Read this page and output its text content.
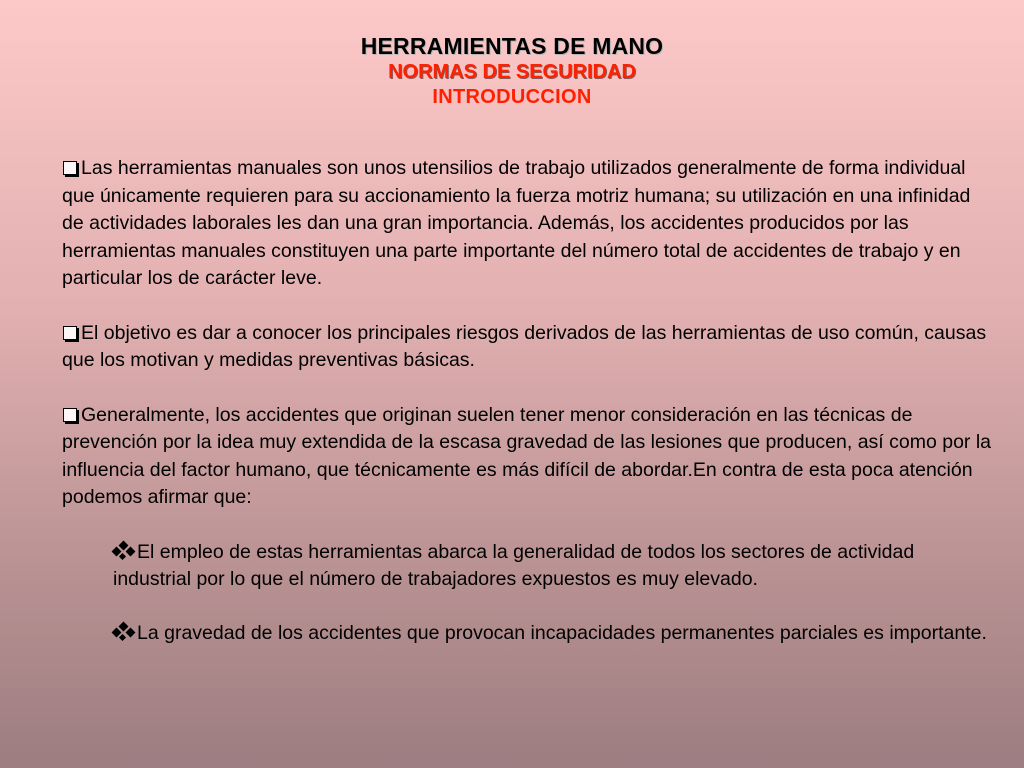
HERRAMIENTAS DE MANO
NORMAS DE SEGURIDAD
INTRODUCCION

Las herramientas manuales son unos utensilios de trabajo utilizados generalmente de forma individual que únicamente requieren para su accionamiento la fuerza motriz humana; su utilización en una infinidad de actividades laborales les dan una gran importancia. Además, los accidentes producidos por las herramientas manuales constituyen una parte importante del número total de accidentes de trabajo y en particular los de carácter leve.

El objetivo es dar a conocer los principales riesgos derivados de las herramientas de uso común, causas que los motivan y medidas preventivas básicas.

Generalmente, los accidentes que originan suelen tener menor consideración en las técnicas de prevención por la idea muy extendida de la escasa gravedad de las lesiones que producen, así como por la influencia del factor humano, que técnicamente es más difícil de abordar.En contra de esta poca atención podemos afirmar que:

El empleo de estas herramientas abarca la generalidad de todos los sectores de actividad industrial por lo que el número de trabajadores expuestos es muy elevado.

La gravedad de los accidentes que provocan incapacidades permanentes parciales es importante.
